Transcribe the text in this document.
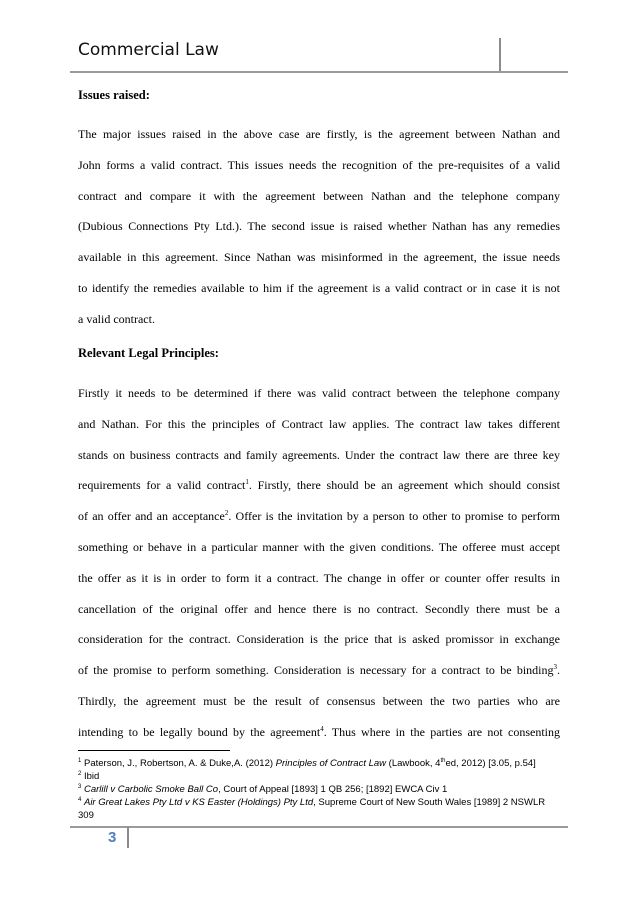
Commercial Law
Issues raised:
The major issues raised in the above case are firstly, is the agreement between Nathan and
John forms a valid contract. This issues needs the recognition of the pre-requisites of a valid
contract and compare it with the agreement between Nathan and the telephone company
(Dubious Connections Pty Ltd.). The second issue is raised whether Nathan has any remedies
available in this agreement. Since Nathan was misinformed in the agreement, the issue needs
to identify the remedies available to him if the agreement is a valid contract or in case it is not
a valid contract.
Relevant Legal Principles:
Firstly it needs to be determined if there was valid contract between the telephone company
and Nathan. For this the principles of Contract law applies. The contract law takes different
stands on business contracts and family agreements. Under the contract law there are three key
requirements for a valid contract$^1$. Firstly, there should be an agreement which should consist
of an offer and an acceptance$^2$. Offer is the invitation by a person to other to promise to perform
something or behave in a particular manner with the given conditions. The offeree must accept
the offer as it is in order to form it a contract. The change in offer or counter offer results in
cancellation of the original offer and hence there is no contract. Secondly there must be a
consideration for the contract. Consideration is the price that is asked promissor in exchange
of the promise to perform something. Consideration is necessary for a contract to be binding$^3$.
Thirdly, the agreement must be the result of consensus between the two parties who are
intending to be legally bound by the agreement$^4$. Thus where in the parties are not consenting
$^1$ Paterson, J., Robertson, A. & Duke,A. (2012) Principles of Contract Law (Lawbook, 4thed, 2012) [3.05, p.54]
$^2$ Ibid
$^3$ Carlill v Carbolic Smoke Ball Co, Court of Appeal [1893] 1 QB 256; [1892] EWCA Civ 1
$^4$ Air Great Lakes Pty Ltd v KS Easter (Holdings) Pty Ltd, Supreme Court of New South Wales [1989] 2 NSWLR
309
3
